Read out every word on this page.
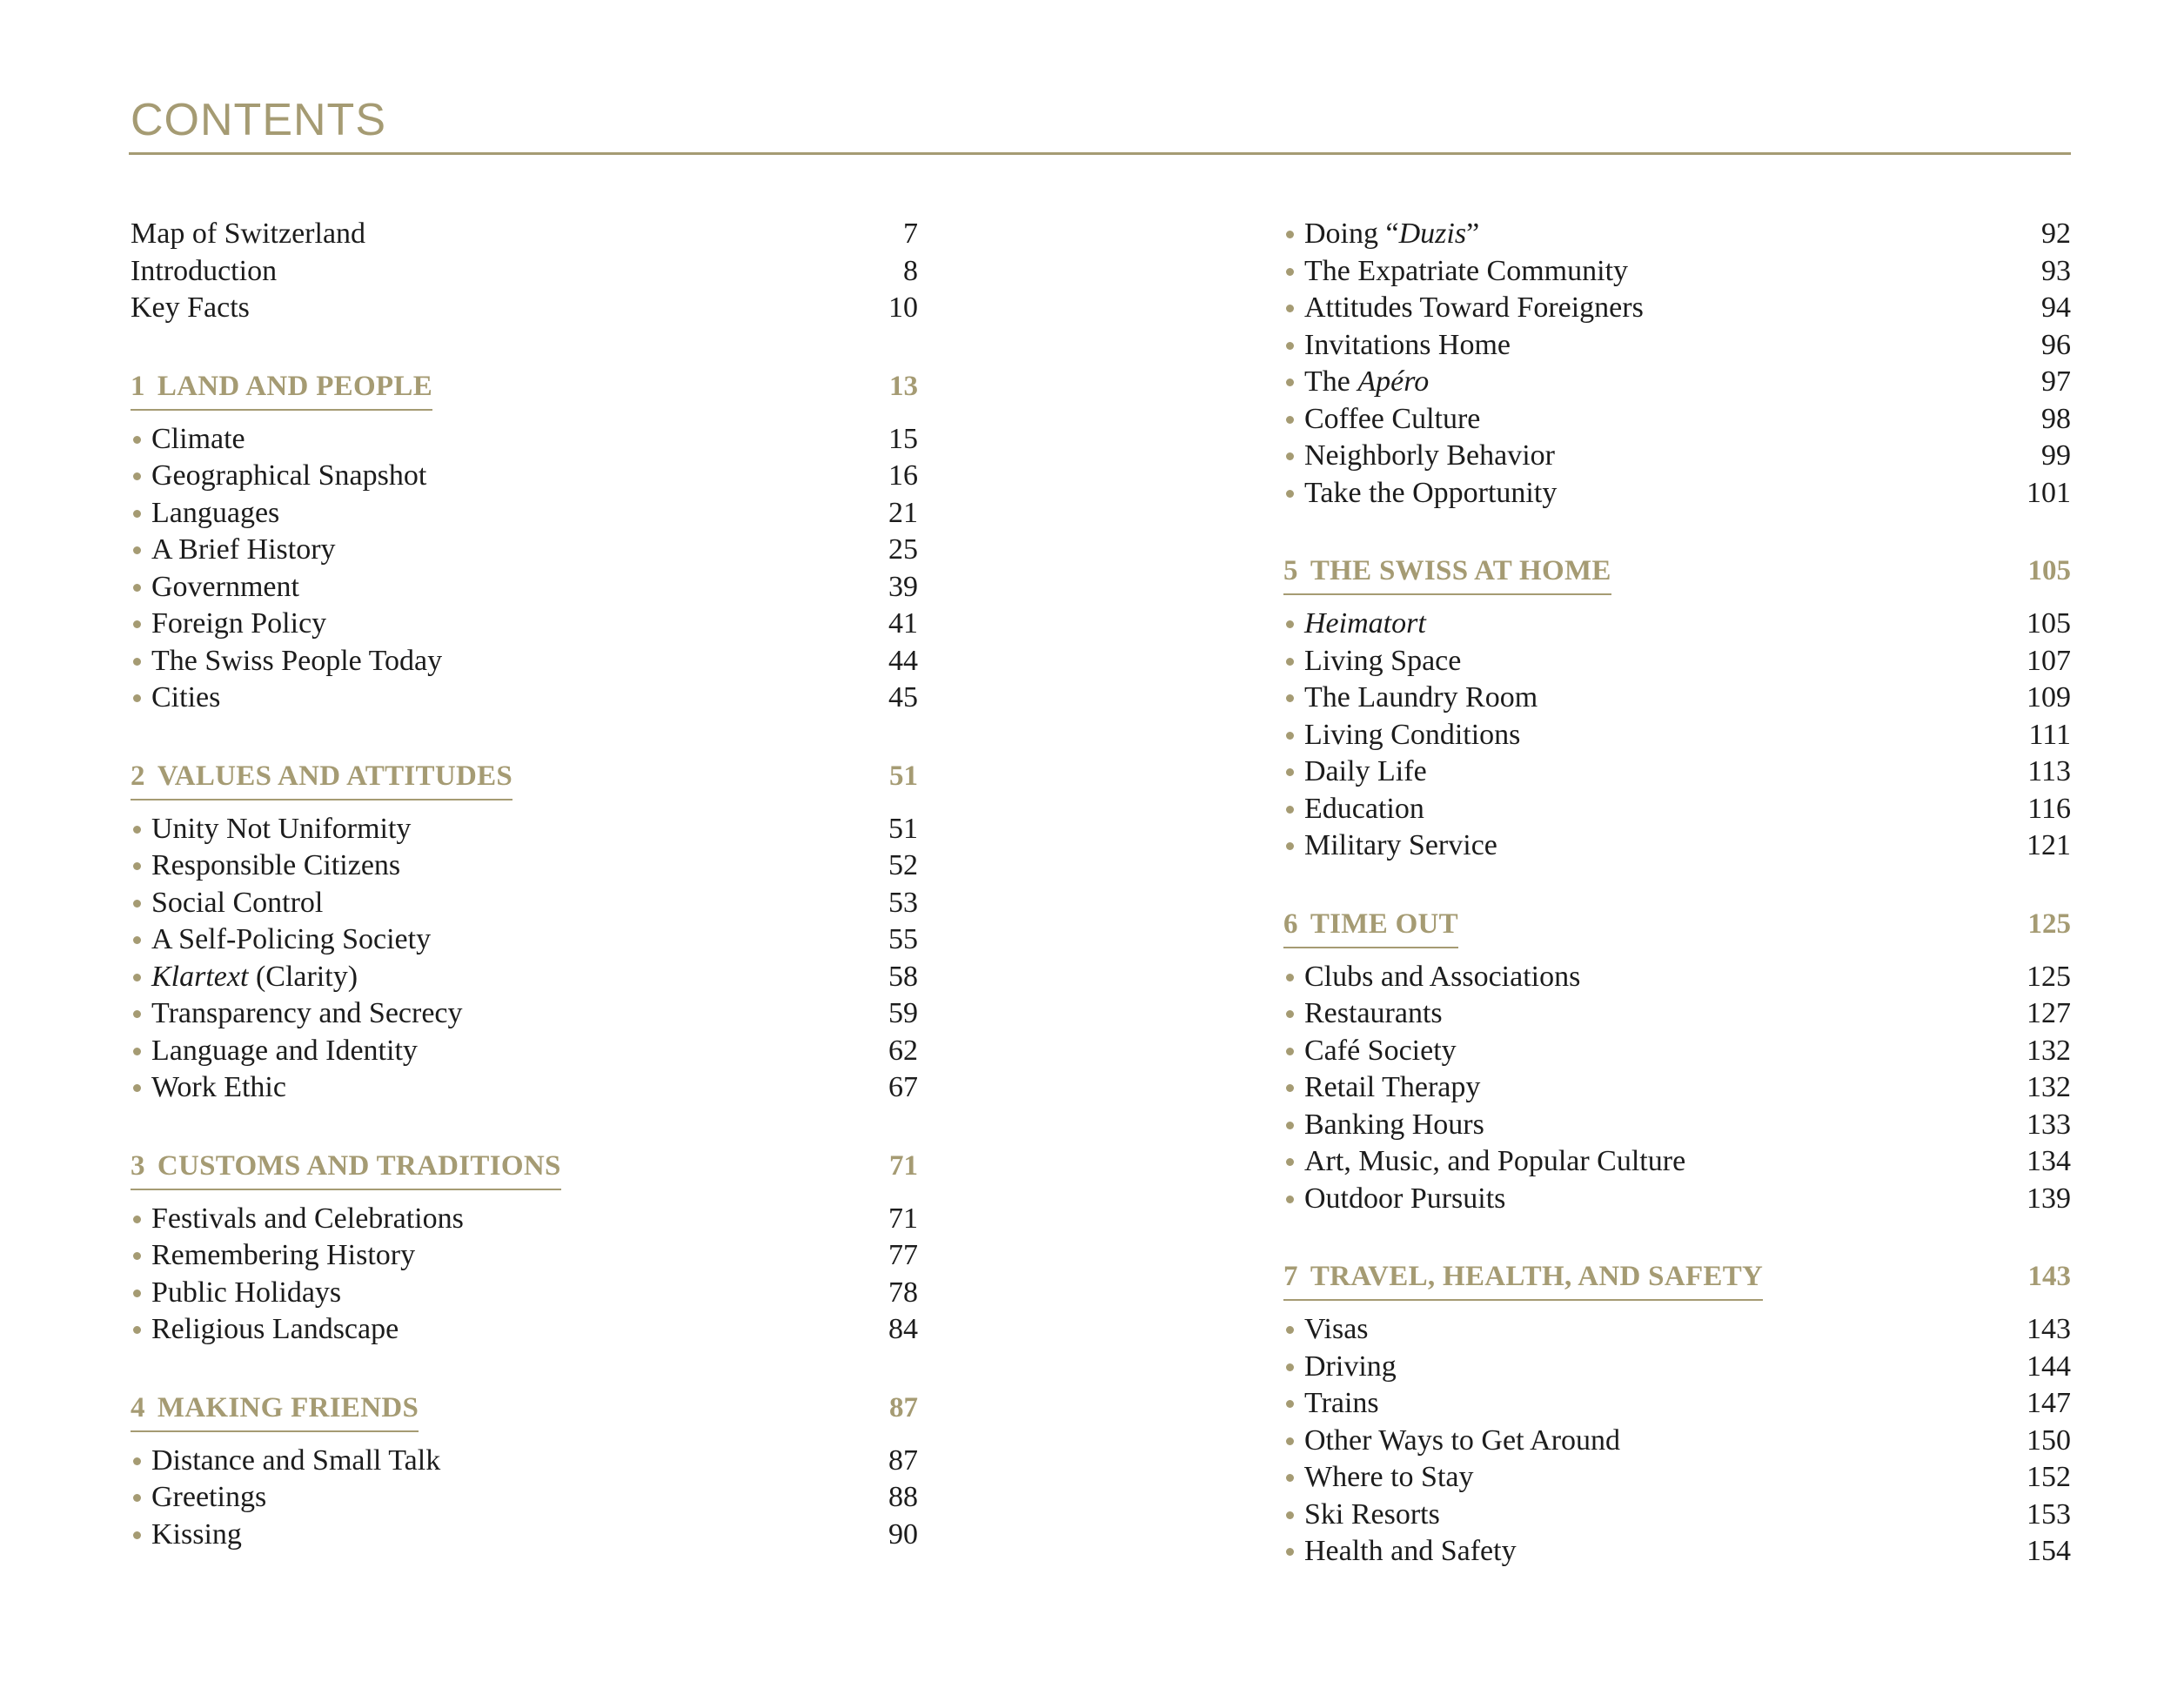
CONTENTS
Map of Switzerland	7
Introduction	8
Key Facts	10
1 LAND AND PEOPLE	13
Climate	15
Geographical Snapshot	16
Languages	21
A Brief History	25
Government	39
Foreign Policy	41
The Swiss People Today	44
Cities	45
2 VALUES AND ATTITUDES	51
Unity Not Uniformity	51
Responsible Citizens	52
Social Control	53
A Self-Policing Society	55
Klartext (Clarity)	58
Transparency and Secrecy	59
Language and Identity	62
Work Ethic	67
3 CUSTOMS AND TRADITIONS	71
Festivals and Celebrations	71
Remembering History	77
Public Holidays	78
Religious Landscape	84
4 MAKING FRIENDS	87
Distance and Small Talk	87
Greetings	88
Kissing	90
Doing “Duzis”	92
The Expatriate Community	93
Attitudes Toward Foreigners	94
Invitations Home	96
The Apéro	97
Coffee Culture	98
Neighborly Behavior	99
Take the Opportunity	101
5 THE SWISS AT HOME	105
Heimatort	105
Living Space	107
The Laundry Room	109
Living Conditions	111
Daily Life	113
Education	116
Military Service	121
6 TIME OUT	125
Clubs and Associations	125
Restaurants	127
Café Society	132
Retail Therapy	132
Banking Hours	133
Art, Music, and Popular Culture	134
Outdoor Pursuits	139
7 TRAVEL, HEALTH, AND SAFETY	143
Visas	143
Driving	144
Trains	147
Other Ways to Get Around	150
Where to Stay	152
Ski Resorts	153
Health and Safety	154
